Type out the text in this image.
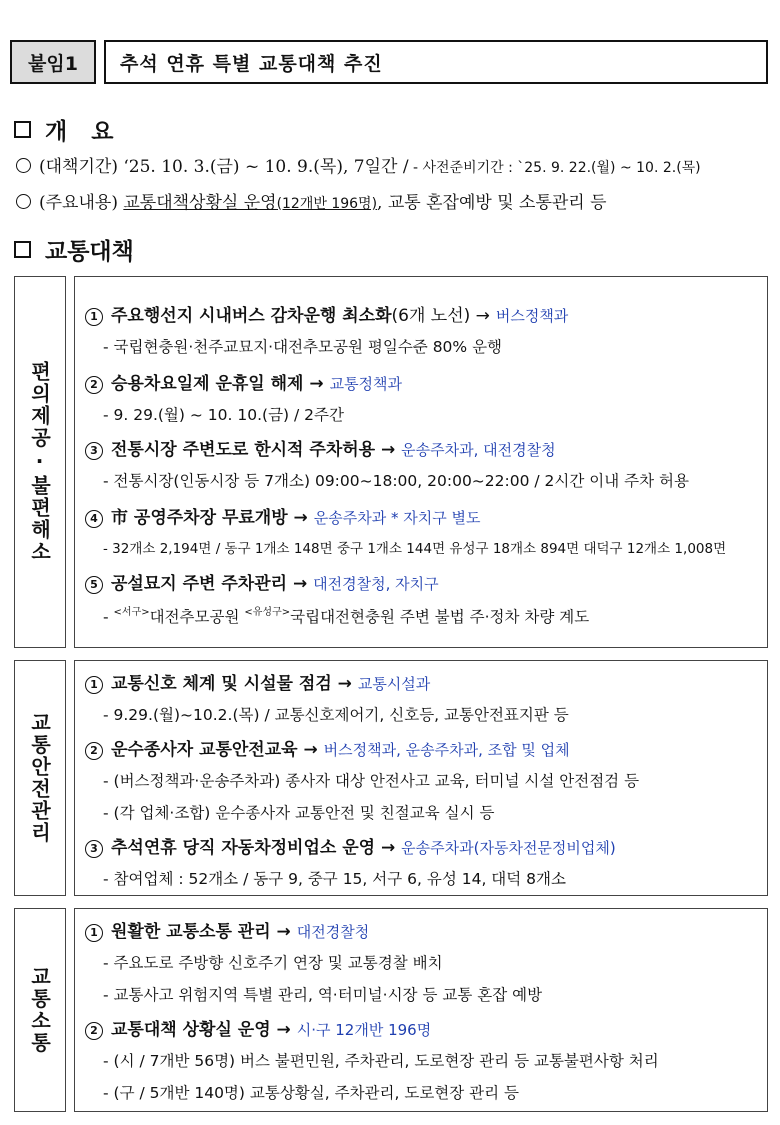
붙임1	추석 연휴 특별 교통대책 추진
개   요
(대책기간) ‘25. 10. 3.(금) ~ 10. 9.(목), 7일간 / - 사전준비기간 : `25. 9. 22.(월) ~ 10. 2.(목)
(주요내용) 교통대책상황실 운영(12개반 196명), 교통 혼잡예방 및 소통관리 등
교통대책
편의제공·불편해소
1 주요행선지 시내버스 감차운행 최소화(6개 노선) → 버스정책과
- 국립현충원·천주교묘지·대전추모공원 평일수준 80% 운행
2 승용차요일제 운휴일 해제 → 교통정책과
- 9. 29.(월) ~ 10. 10.(금) / 2주간
3 전통시장 주변도로 한시적 주차허용 → 운송주차과, 대전경찰청
- 전통시장(인동시장 등 7개소) 09:00~18:00, 20:00~22:00 / 2시간 이내 주차 허용
4 市 공영주차장 무료개방 → 운송주차과 * 자치구 별도
- 32개소 2,194면 / 동구 1개소 148면 중구 1개소 144면 유성구 18개소 894면 대덕구 12개소 1,008면
5 공설묘지 주변 주차관리 → 대전경찰청, 자치구
- $^{<서구>}$대전추모공원 $^{<유성구>}$국립대전현충원 주변 불법 주·정차 차량 계도
교통안전관리
1 교통신호 체계 및 시설물 점검 → 교통시설과
- 9.29.(월)~10.2.(목) / 교통신호제어기, 신호등, 교통안전표지판 등
2 운수종사자 교통안전교육 → 버스정책과, 운송주차과, 조합 및 업체
- (버스정책과·운송주차과) 종사자 대상 안전사고 교육, 터미널 시설 안전점검 등
- (각 업체·조합) 운수종사자 교통안전 및 친절교육 실시 등
3 추석연휴 당직 자동차정비업소 운영 → 운송주차과(자동차전문정비업체)
- 참여업체 : 52개소 / 동구 9, 중구 15, 서구 6, 유성 14, 대덕 8개소
교통소통
1 원활한 교통소통 관리 → 대전경찰청
- 주요도로 주방향 신호주기 연장 및 교통경찰 배치
- 교통사고 위험지역 특별 관리, 역·터미널·시장 등 교통 혼잡 예방
2 교통대책 상황실 운영 → 시·구 12개반 196명
- (시 / 7개반 56명) 버스 불편민원, 주차관리, 도로현장 관리 등 교통불편사항 처리
- (구 / 5개반 140명) 교통상황실, 주차관리, 도로현장 관리 등
